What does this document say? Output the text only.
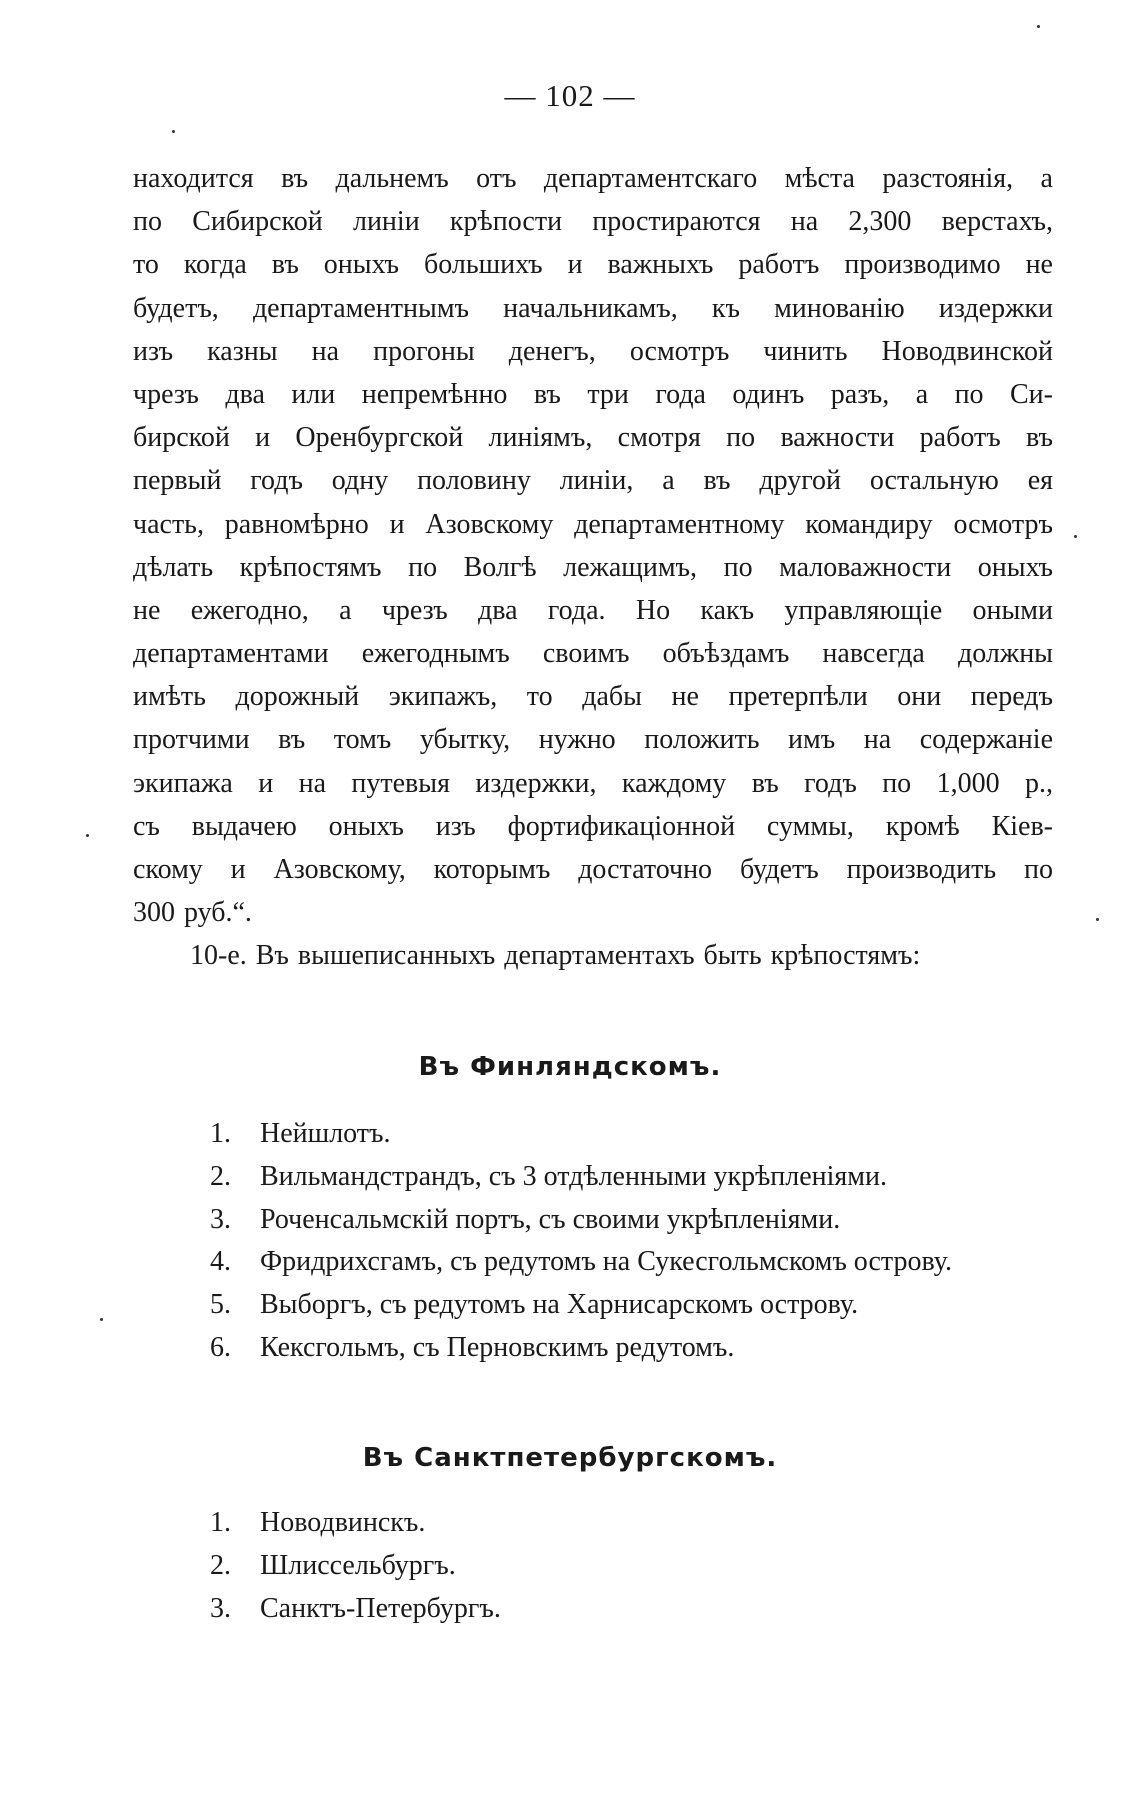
— 102 —
находится въ дальнемъ отъ департаментскаго мѣста разстоянія, а
по Сибирской линіи крѣпости простираются на 2,300 верстахъ,
то когда въ оныхъ большихъ и важныхъ работъ производимо не
будетъ, департаментнымъ начальникамъ, къ минованію издержки
изъ казны на прогоны денегъ, осмотръ чинить Новодвинской
чрезъ два или непремѣнно въ три года одинъ разъ, а по Си-
бирской и Оренбургской линіямъ, смотря по важности работъ въ
первый годъ одну половину линіи, а въ другой остальную ея
часть, равномѣрно и Азовскому департаментному командиру осмотръ
дѣлать крѣпостямъ по Волгѣ лежащимъ, по маловажности оныхъ
не ежегодно, а чрезъ два года. Но какъ управляющіе оными
департаментами ежегоднымъ своимъ объѣздамъ навсегда должны
имѣть дорожный экипажъ, то дабы не претерпѣли они передъ
протчими въ томъ убытку, нужно положить имъ на содержаніе
экипажа и на путевыя издержки, каждому въ годъ по 1,000 р.,
съ выдачею оныхъ изъ фортификаціонной суммы, кромѣ Кіев-
скому и Азовскому, которымъ достаточно будетъ производить по
300 руб.“.
10-е. Въ вышеписанныхъ департаментахъ быть крѣпостямъ:
Въ Финляндскомъ.
1. Нейшлотъ.
2. Вильмандстрандъ, съ 3 отдѣленными укрѣпленіями.
3. Роченсальмскій портъ, съ своими укрѣпленіями.
4. Фридрихсгамъ, съ редутомъ на Сукесгольмскомъ острову.
5. Выборгъ, съ редутомъ на Харнисарскомъ острову.
6. Кексгольмъ, съ Перновскимъ редутомъ.
Въ Санктпетербургскомъ.
1. Новодвинскъ.
2. Шлиссельбургъ.
3. Санктъ-Петербургъ.
